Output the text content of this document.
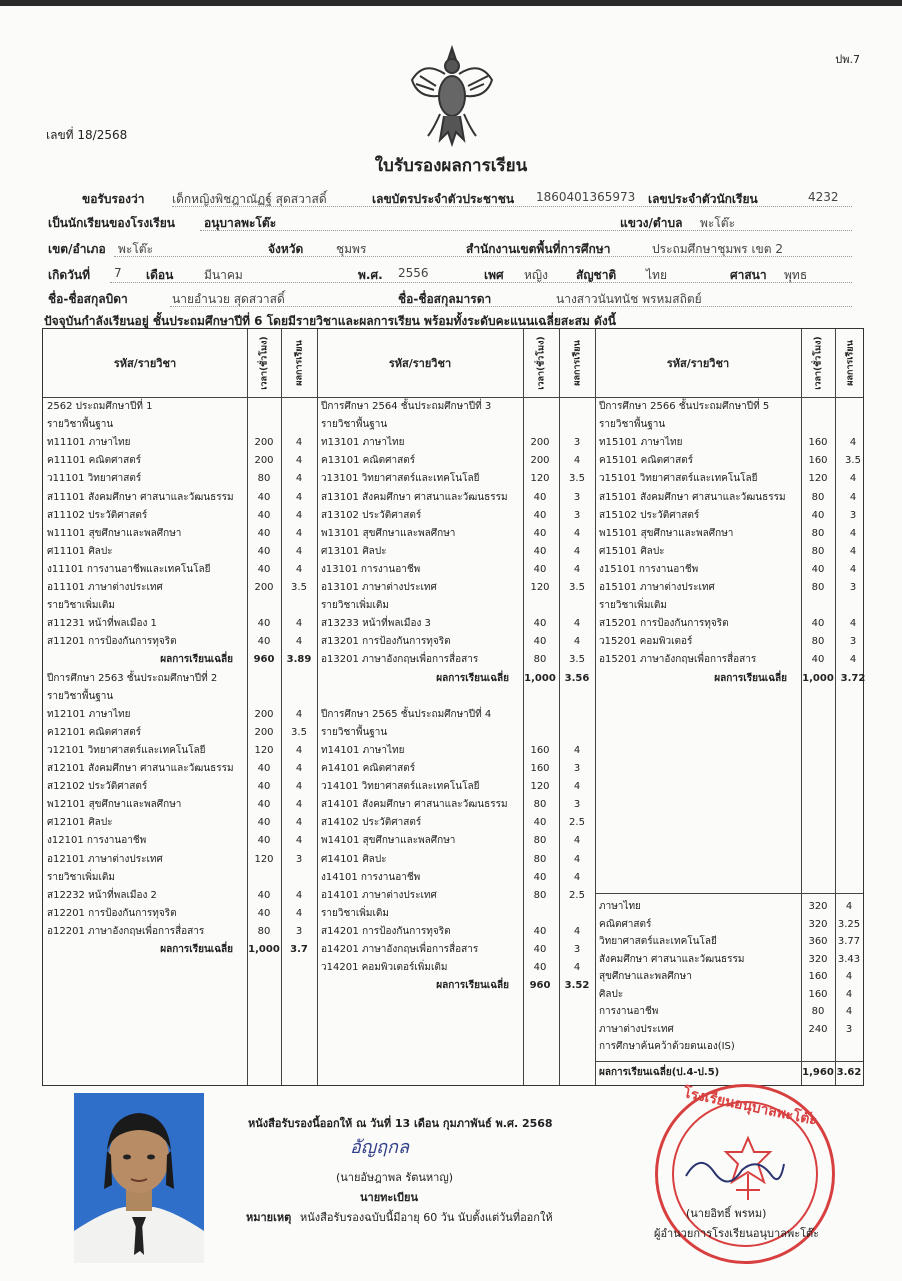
ปพ.7
เลขที่ 18/2568
ใบรับรองผลการเรียน
ขอรับรองว่า เด็กหญิงพิชฎาณัฏฐ์ สุดสวาสดิ์	เลขบัตรประจำตัวประชาชน 1860401365973 เลขประจำตัวนักเรียน	4232
เป็นนักเรียนของโรงเรียน อนุบาลพะโต๊ะ	แขวง/ตำบล พะโต๊ะ
เขต/อำเภอ พะโต๊ะ	จังหวัด	ชุมพร	สำนักงานเขตพื้นที่การศึกษา	ประถมศึกษาชุมพร เขต 2
เกิดวันที่ 7 เดือน	มีนาคม	พ.ศ. 2556	เพศ หญิง สัญชาติ ไทย	ศาสนา พุทธ
ชื่อ-ชื่อสกุลบิดา	นายอำนวย สุดสวาสดิ์	ชื่อ-ชื่อสกุลมารดา	นางสาวนันทนัช พรหมสถิตย์
ปัจจุบันกำลังเรียนอยู่ ชั้นประถมศึกษาปีที่ 6 โดยมีรายวิชาและผลการเรียน พร้อมทั้งระดับคะแนนเฉลี่ยสะสม ดังนี้
รหัส/รายวิชา	เวลา(ชั่วโมง)	ผลการเรียน	รหัส/รายวิชา	เวลา(ชั่วโมง)	ผลการเรียน	รหัส/รายวิชา	เวลา(ชั่วโมง)	ผลการเรียน
2562 ประถมศึกษาปีที่ 1
รายวิชาพื้นฐาน
ท11101 ภาษาไทย	200	4
ค11101 คณิตศาสตร์	200	4
ว11101 วิทยาศาสตร์	80	4
ส11101 สังคมศึกษา ศาสนาและวัฒนธรรม	40	4
ส11102 ประวัติศาสตร์	40	4
พ11101 สุขศึกษาและพลศึกษา	40	4
ศ11101 ศิลปะ	40	4
ง11101 การงานอาชีพและเทคโนโลยี	40	4
อ11101 ภาษาต่างประเทศ	200	3.5
รายวิชาเพิ่มเติม
ส11231 หน้าที่พลเมือง 1	40	4
ส11201 การป้องกันการทุจริต	40	4
ผลการเรียนเฉลี่ย	960	3.89
ปีการศึกษา 2563 ชั้นประถมศึกษาปีที่ 2
รายวิชาพื้นฐาน
ท12101 ภาษาไทย	200	4
ค12101 คณิตศาสตร์	200	3.5
ว12101 วิทยาศาสตร์และเทคโนโลยี	120	4
ส12101 สังคมศึกษา ศาสนาและวัฒนธรรม	40	4
ส12102 ประวัติศาสตร์	40	4
พ12101 สุขศึกษาและพลศึกษา	40	4
ศ12101 ศิลปะ	40	4
ง12101 การงานอาชีพ	40	4
อ12101 ภาษาต่างประเทศ	120	3
รายวิชาเพิ่มเติม
ส12232 หน้าที่พลเมือง 2	40	4
ส12201 การป้องกันการทุจริต	40	4
อ12201 ภาษาอังกฤษเพื่อการสื่อสาร	80	3
ผลการเรียนเฉลี่ย 1,000	3.7
ปีการศึกษา 2564 ชั้นประถมศึกษาปีที่ 3
รายวิชาพื้นฐาน
ท13101 ภาษาไทย	200	3
ค13101 คณิตศาสตร์	200	4
ว13101 วิทยาศาสตร์และเทคโนโลยี	120	3.5
ส13101 สังคมศึกษา ศาสนาและวัฒนธรรม	40	3
ส13102 ประวัติศาสตร์	40	3
พ13101 สุขศึกษาและพลศึกษา	40	4
ศ13101 ศิลปะ	40	4
ง13101 การงานอาชีพ	40	4
อ13101 ภาษาต่างประเทศ	120	3.5
รายวิชาเพิ่มเติม
ส13233 หน้าที่พลเมือง 3	40	4
ส13201 การป้องกันการทุจริต	40	4
อ13201 ภาษาอังกฤษเพื่อการสื่อสาร	80	3.5
ผลการเรียนเฉลี่ย 1,000 3.56
ปีการศึกษา 2565 ชั้นประถมศึกษาปีที่ 4
รายวิชาพื้นฐาน
ท14101 ภาษาไทย	160	4
ค14101 คณิตศาสตร์	160	3
ว14101 วิทยาศาสตร์และเทคโนโลยี	120	4
ส14101 สังคมศึกษา ศาสนาและวัฒนธรรม	80	3
ส14102 ประวัติศาสตร์	40	2.5
พ14101 สุขศึกษาและพลศึกษา	80	4
ศ14101 ศิลปะ	80	4
ง14101 การงานอาชีพ	40	4
อ14101 ภาษาต่างประเทศ	80	2.5
รายวิชาเพิ่มเติม
ส14201 การป้องกันการทุจริต	40	4
อ14201 ภาษาอังกฤษเพื่อการสื่อสาร	40	3
ว14201 คอมพิวเตอร์เพิ่มเติม	40	4
ผลการเรียนเฉลี่ย	960	3.52
ปีการศึกษา 2566 ชั้นประถมศึกษาปีที่ 5
รายวิชาพื้นฐาน
ท15101 ภาษาไทย	160	4
ค15101 คณิตศาสตร์	160	3.5
ว15101 วิทยาศาสตร์และเทคโนโลยี	120	4
ส15101 สังคมศึกษา ศาสนาและวัฒนธรรม	80	4
ส15102 ประวัติศาสตร์	40	3
พ15101 สุขศึกษาและพลศึกษา	80	4
ศ15101 ศิลปะ	80	4
ง15101 การงานอาชีพ	40	4
อ15101 ภาษาต่างประเทศ	80	3
รายวิชาเพิ่มเติม
ส15201 การป้องกันการทุจริต	40	4
ว15201 คอมพิวเตอร์	80	3
อ15201 ภาษาอังกฤษเพื่อการสื่อสาร	40	4
ผลการเรียนเฉลี่ย 1,000 3.72
ภาษาไทย	320	4
คณิตศาสตร์	320	3.25
วิทยาศาสตร์และเทคโนโลยี	360	3.77
สังคมศึกษา ศาสนาและวัฒนธรรม	320	3.43
สุขศึกษาและพลศึกษา	160	4
ศิลปะ	160	4
การงานอาชีพ	80	4
ภาษาต่างประเทศ	240	3
การศึกษาค้นคว้าด้วยตนเอง(IS)
ผลการเรียนเฉลี่ย(ป.4-ป.5)	1,960 3.62
หนังสือรับรองนี้ออกให้ ณ วันที่ 13 เดือน กุมภาพันธ์ พ.ศ. 2568
อัญฤกล
(นายอัษฎาพล รัตนหาญ)
นายทะเบียน
หมายเหตุ หนังสือรับรองฉบับนี้มีอายุ 60 วัน นับตั้งแต่วันที่ออกให้
โรงเรียนอนุบาลพะโต๊ะ
(นายอิทธิ์ พรหม)
ผู้อำนวยการโรงเรียนอนุบาลพะโต๊ะ
